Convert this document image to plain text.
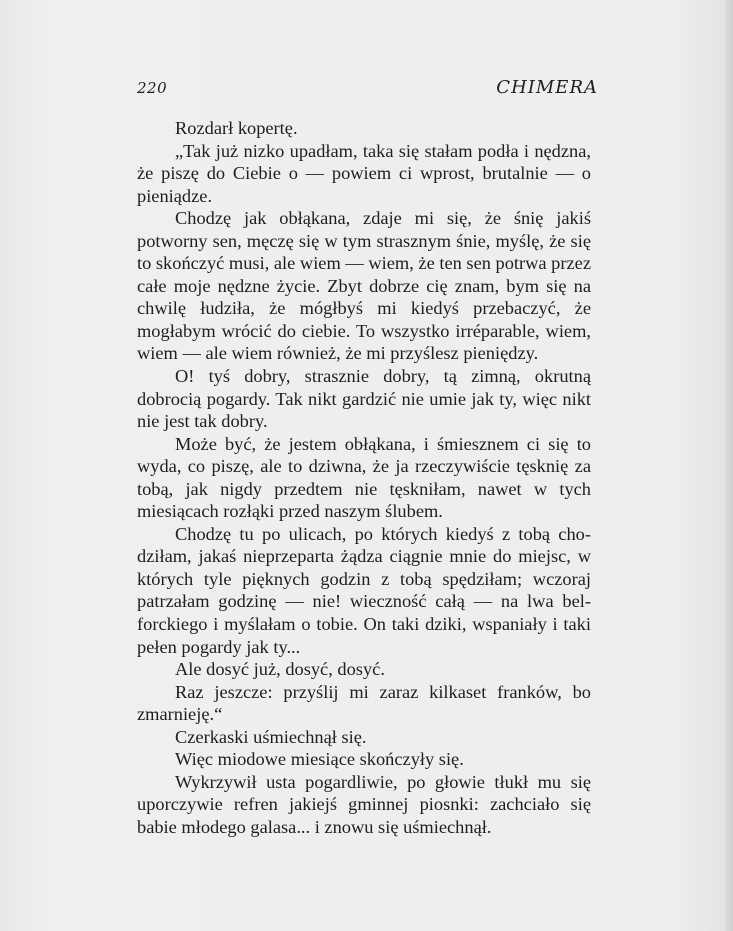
220	CHIMERA

Rozdarł kopertę.

„Tak już nizko upadłam, taka się stałam podła i nędzna, że piszę do Ciebie o — powiem ci wprost, brutalnie — o pieniądze.

Chodzę jak obłąkana, zdaje mi się, że śnię jakiś potworny sen, męczę się w tym strasznym śnie, myślę, że się to skończyć musi, ale wiem — wiem, że ten sen potrwa przez całe moje nędzne życie. Zbyt dobrze cię znam, bym się na chwilę łudziła, że mógłbyś mi kiedyś przebaczyć, że mogłabym wrócić do ciebie. To wszystko irréparable, wiem, wiem — ale wiem również, że mi przyślesz pieniędzy.

O! tyś dobry, strasznie dobry, tą zimną, okrutną dobrocią pogardy. Tak nikt gardzić nie umie jak ty, więc nikt nie jest tak dobry.

Może być, że jestem obłąkana, i śmiesznem ci się to wyda, co piszę, ale to dziwna, że ja rzeczywiście tęsknię za tobą, jak nigdy przedtem nie tęskniłam, nawet w tych miesiącach rozłąki przed naszym ślubem.

Chodzę tu po ulicach, po których kiedyś z tobą chodziłam, jakaś nieprzeparta żądza ciągnie mnie do miejsc, w których tyle pięknych godzin z tobą spędziłam; wczoraj patrzałam godzinę — nie! wieczność całą — na lwa belforckiego i myślałam o tobie. On taki dziki, wspaniały i taki pełen pogardy jak ty...

Ale dosyć już, dosyć, dosyć.

Raz jeszcze: przyślij mi zaraz kilkaset franków, bo zmarnieję.“

Czerkaski uśmiechnął się.

Więc miodowe miesiące skończyły się.

Wykrzywił usta pogardliwie, po głowie tłukł mu się uporczywie refren jakiejś gminnej piosnki: zachciało się babie młodego galasa... i znowu się uśmiechnął.
